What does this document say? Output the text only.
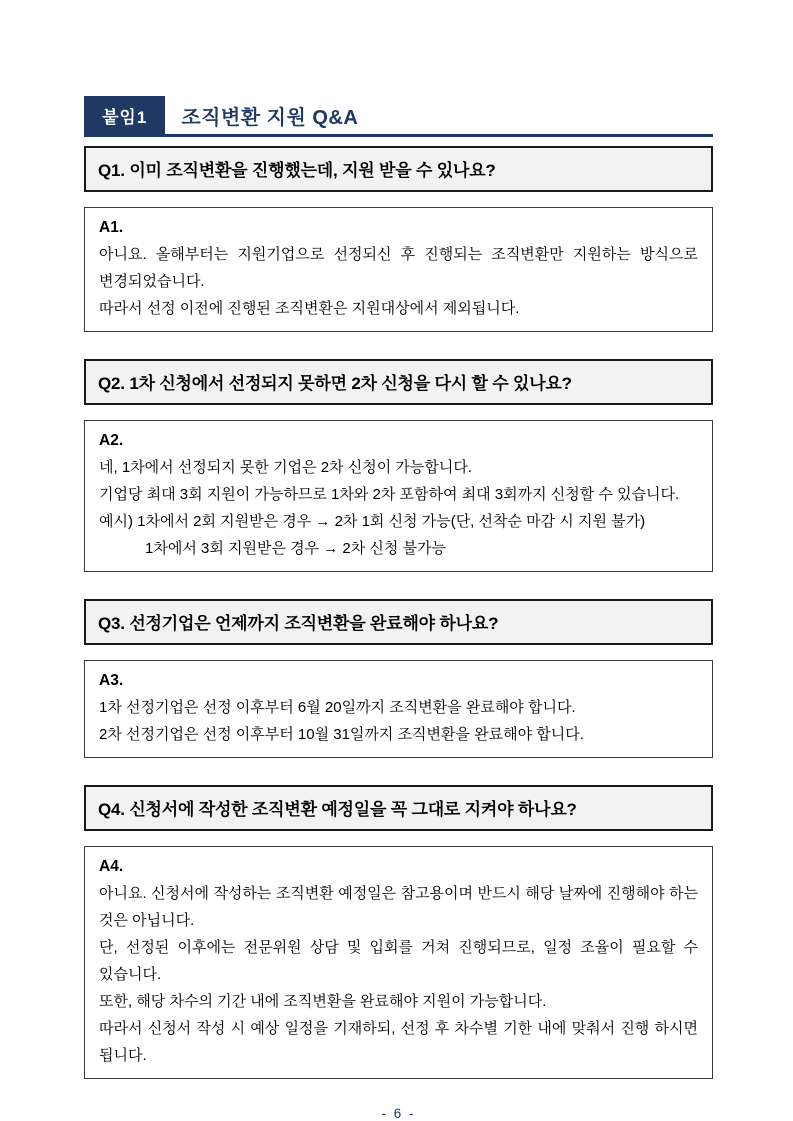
붙임1	조직변환 지원 Q&A
Q1. 이미 조직변환을 진행했는데, 지원 받을 수 있나요?

A1.

아니요. 올해부터는 지원기업으로 선정되신 후 진행되는 조직변환만 지원하는 방식으로 변경되었습니다.

따라서 선정 이전에 진행된 조직변환은 지원대상에서 제외됩니다.

Q2. 1차 신청에서 선정되지 못하면 2차 신청을 다시 할 수 있나요?

A2.

네, 1차에서 선정되지 못한 기업은 2차 신청이 가능합니다.

기업당 최대 3회 지원이 가능하므로 1차와 2차 포함하여 최대 3회까지 신청할 수 있습니다.

예시) 1차에서 2회 지원받은 경우 → 2차 1회 신청 가능(단, 선착순 마감 시 지원 불가)

1차에서 3회 지원받은 경우 → 2차 신청 불가능

Q3. 선정기업은 언제까지 조직변환을 완료해야 하나요?

A3.

1차 선정기업은 선정 이후부터 6월 20일까지 조직변환을 완료해야 합니다.

2차 선정기업은 선정 이후부터 10월 31일까지 조직변환을 완료해야 합니다.

Q4. 신청서에 작성한 조직변환 예정일을 꼭 그대로 지켜야 하나요?

A4.

아니요. 신청서에 작성하는 조직변환 예정일은 참고용이며 반드시 해당 날짜에 진행해야 하는 것은 아닙니다.

단, 선정된 이후에는 전문위원 상담 및 입회를 거쳐 진행되므로, 일정 조율이 필요할 수 있습니다.

또한, 해당 차수의 기간 내에 조직변환을 완료해야 지원이 가능합니다.

따라서 신청서 작성 시 예상 일정을 기재하되, 선정 후 차수별 기한 내에 맞춰서 진행 하시면 됩니다.

- 6 -
